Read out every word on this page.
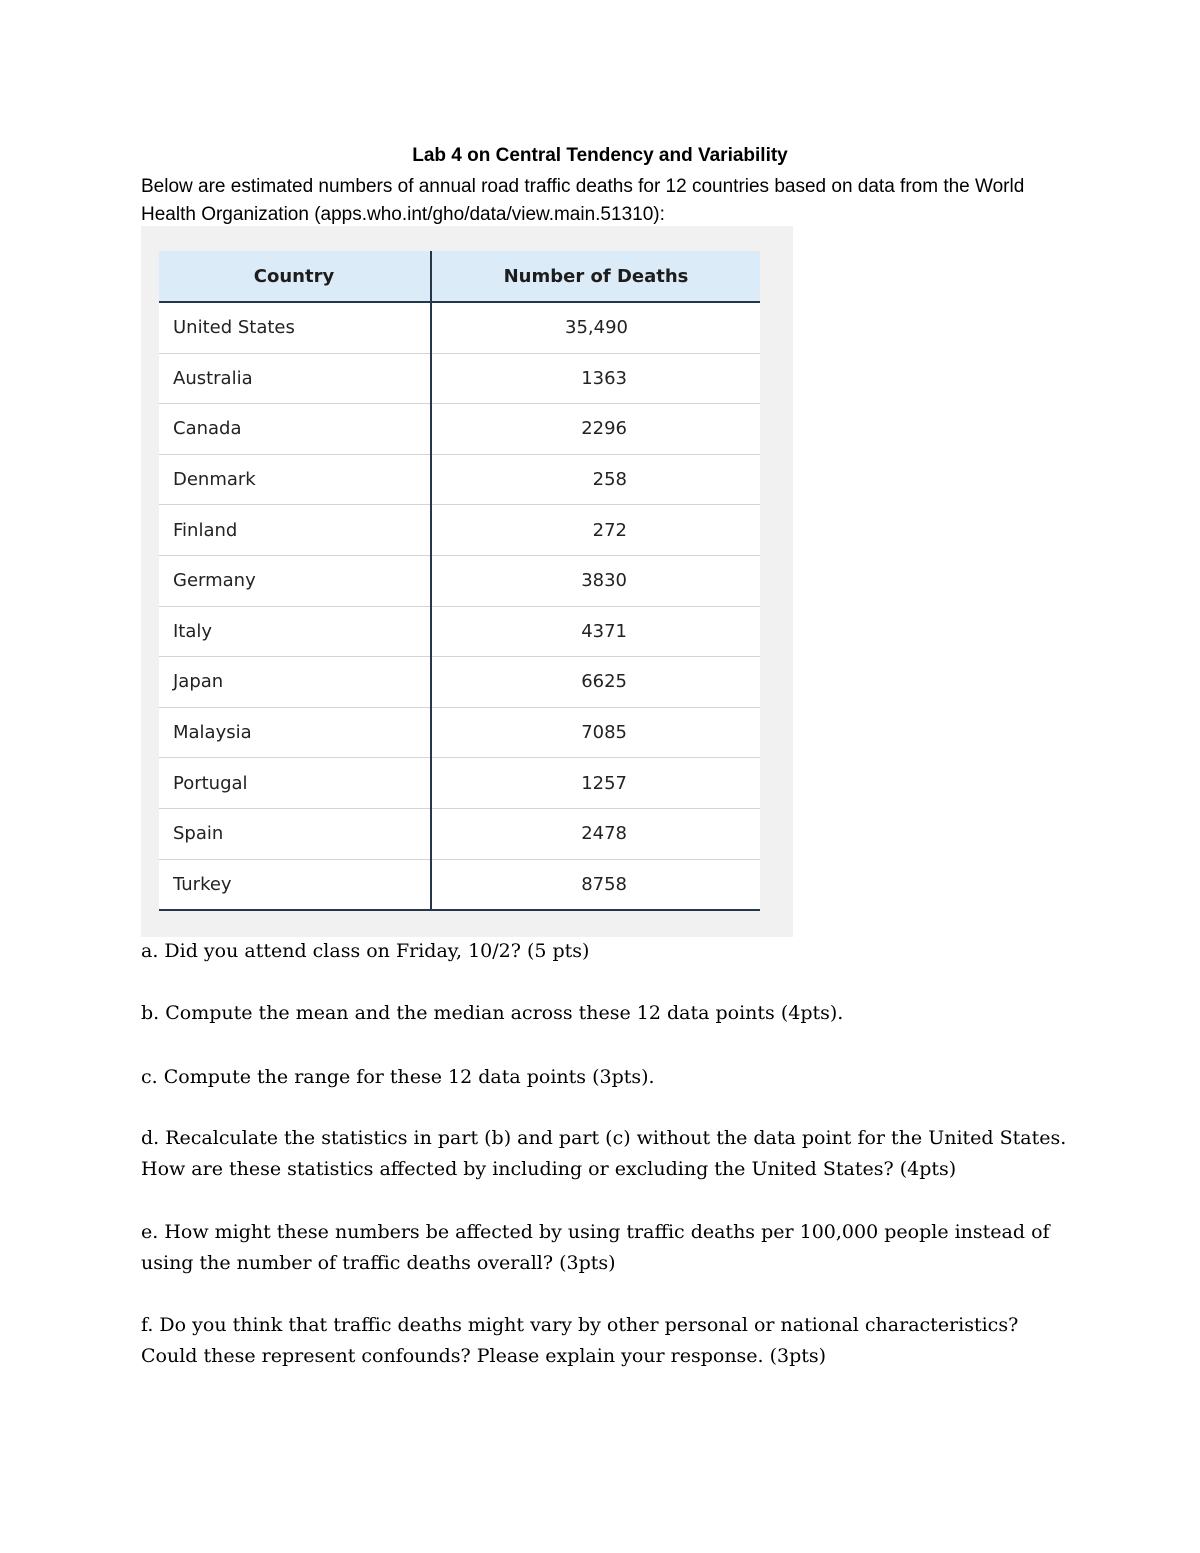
Lab 4 on Central Tendency and Variability
Below are estimated numbers of annual road traffic deaths for 12 countries based on data from the World Health Organization (apps.who.int/gho/data/view.main.51310):
Country	Number of Deaths
United States	35,490
Australia	1363
Canada	2296
Denmark	258
Finland	272
Germany	3830
Italy	4371
Japan	6625
Malaysia	7085
Portugal	1257
Spain	2478
Turkey	8758
a. Did you attend class on Friday, 10/2? (5 pts)
b. Compute the mean and the median across these 12 data points (4pts).
c. Compute the range for these 12 data points (3pts).
d. Recalculate the statistics in part (b) and part (c) without the data point for the United States. How are these statistics affected by including or excluding the United States? (4pts)
e. How might these numbers be affected by using traffic deaths per 100,000 people instead of using the number of traffic deaths overall? (3pts)
f. Do you think that traffic deaths might vary by other personal or national characteristics? Could these represent confounds? Please explain your response. (3pts)
